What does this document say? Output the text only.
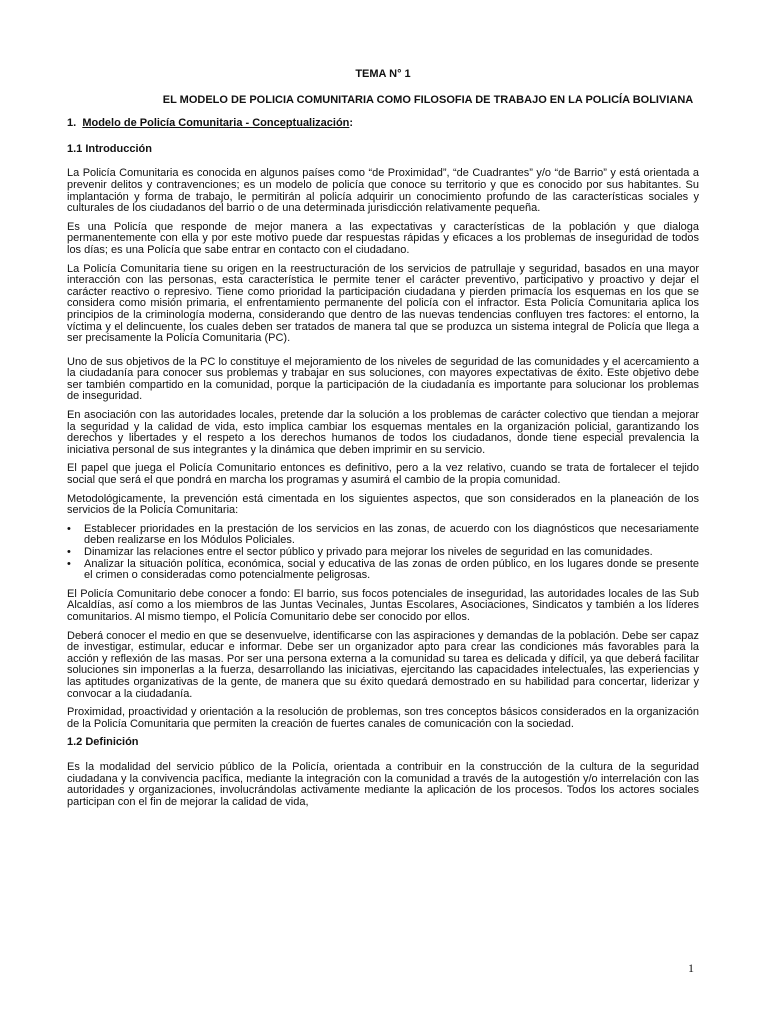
TEMA N° 1
EL MODELO DE POLICIA COMUNITARIA COMO FILOSOFIA DE TRABAJO EN LA POLICÍA BOLIVIANA
1. Modelo de Policía Comunitaria - Conceptualización:
1.1 Introducción

La Policía Comunitaria es conocida en algunos países como “de Proximidad”, “de Cuadrantes” y/o “de Barrio” y está orientada a prevenir delitos y contravenciones; es un modelo de policía que conoce su territorio y que es conocido por sus habitantes. Su implantación y forma de trabajo, le permitirán al policía adquirir un conocimiento profundo de las características sociales y culturales de los ciudadanos del barrio o de una determinada jurisdicción relativamente pequeña.

Es una Policía que responde de mejor manera a las expectativas y características de la población y que dialoga permanentemente con ella y por este motivo puede dar respuestas rápidas y eficaces a los problemas de inseguridad de todos los días; es una Policía que sabe entrar en contacto con el ciudadano.

La Policía Comunitaria tiene su origen en la reestructuración de los servicios de patrullaje y seguridad, basados en una mayor interacción con las personas, esta característica le permite tener el carácter preventivo, participativo y proactivo y dejar el carácter reactivo o represivo. Tiene como prioridad la participación ciudadana y pierden primacía los esquemas en los que se considera como misión primaria, el enfrentamiento permanente del policía con el infractor. Esta Policía Comunitaria aplica los principios de la criminología moderna, considerando que dentro de las nuevas tendencias confluyen tres factores: el entorno, la víctima y el delincuente, los cuales deben ser tratados de manera tal que se produzca un sistema integral de Policía que llega a ser precisamente la Policía Comunitaria (PC).

Uno de sus objetivos de la PC lo constituye el mejoramiento de los niveles de seguridad de las comunidades y el acercamiento a la ciudadanía para conocer sus problemas y trabajar en sus soluciones, con mayores expectativas de éxito. Este objetivo debe ser también compartido en la comunidad, porque la participación de la ciudadanía es importante para solucionar los problemas de inseguridad.

En asociación con las autoridades locales, pretende dar la solución a los problemas de carácter colectivo que tiendan a mejorar la seguridad y la calidad de vida, esto implica cambiar los esquemas mentales en la organización policial, garantizando los derechos y libertades y el respeto a los derechos humanos de todos los ciudadanos, donde tiene especial prevalencia la iniciativa personal de sus integrantes y la dinámica que deben imprimir en su servicio.

El papel que juega el Policía Comunitario entonces es definitivo, pero a la vez relativo, cuando se trata de fortalecer el tejido social que será el que pondrá en marcha los programas y asumirá el cambio de la propia comunidad.

Metodológicamente, la prevención está cimentada en los siguientes aspectos, que son considerados en la planeación de los servicios de la Policía Comunitaria:

• Establecer prioridades en la prestación de los servicios en las zonas, de acuerdo con los diagnósticos que necesariamente deben realizarse en los Módulos Policiales.
• Dinamizar las relaciones entre el sector público y privado para mejorar los niveles de seguridad en las comunidades.
• Analizar la situación política, económica, social y educativa de las zonas de orden público, en los lugares donde se presente el crimen o consideradas como potencialmente peligrosas.

El Policía Comunitario debe conocer a fondo: El barrio, sus focos potenciales de inseguridad, las autoridades locales de las Sub Alcaldías, así como a los miembros de las Juntas Vecinales, Juntas Escolares, Asociaciones, Sindicatos y también a los líderes comunitarios. Al mismo tiempo, el Policía Comunitario debe ser conocido por ellos.

Deberá conocer el medio en que se desenvuelve, identificarse con las aspiraciones y demandas de la población. Debe ser capaz de investigar, estimular, educar e informar. Debe ser un organizador apto para crear las condiciones más favorables para la acción y reflexión de las masas. Por ser una persona externa a la comunidad su tarea es delicada y difícil, ya que deberá facilitar soluciones sin imponerlas a la fuerza, desarrollando las iniciativas, ejercitando las capacidades intelectuales, las experiencias y las aptitudes organizativas de la gente, de manera que su éxito quedará demostrado en su habilidad para concertar, liderizar y convocar a la ciudadanía.

Proximidad, proactividad y orientación a la resolución de problemas, son tres conceptos básicos considerados en la organización de la Policía Comunitaria que permiten la creación de fuertes canales de comunicación con la sociedad.

1.2 Definición

Es la modalidad del servicio público de la Policía, orientada a contribuir en la construcción de la cultura de la seguridad ciudadana y la convivencia pacífica, mediante la integración con la comunidad a través de la autogestión y/o interrelación con las autoridades y organizaciones, involucrándolas activamente mediante la aplicación de los procesos. Todos los actores sociales participan con el fin de mejorar la calidad de vida,

1
